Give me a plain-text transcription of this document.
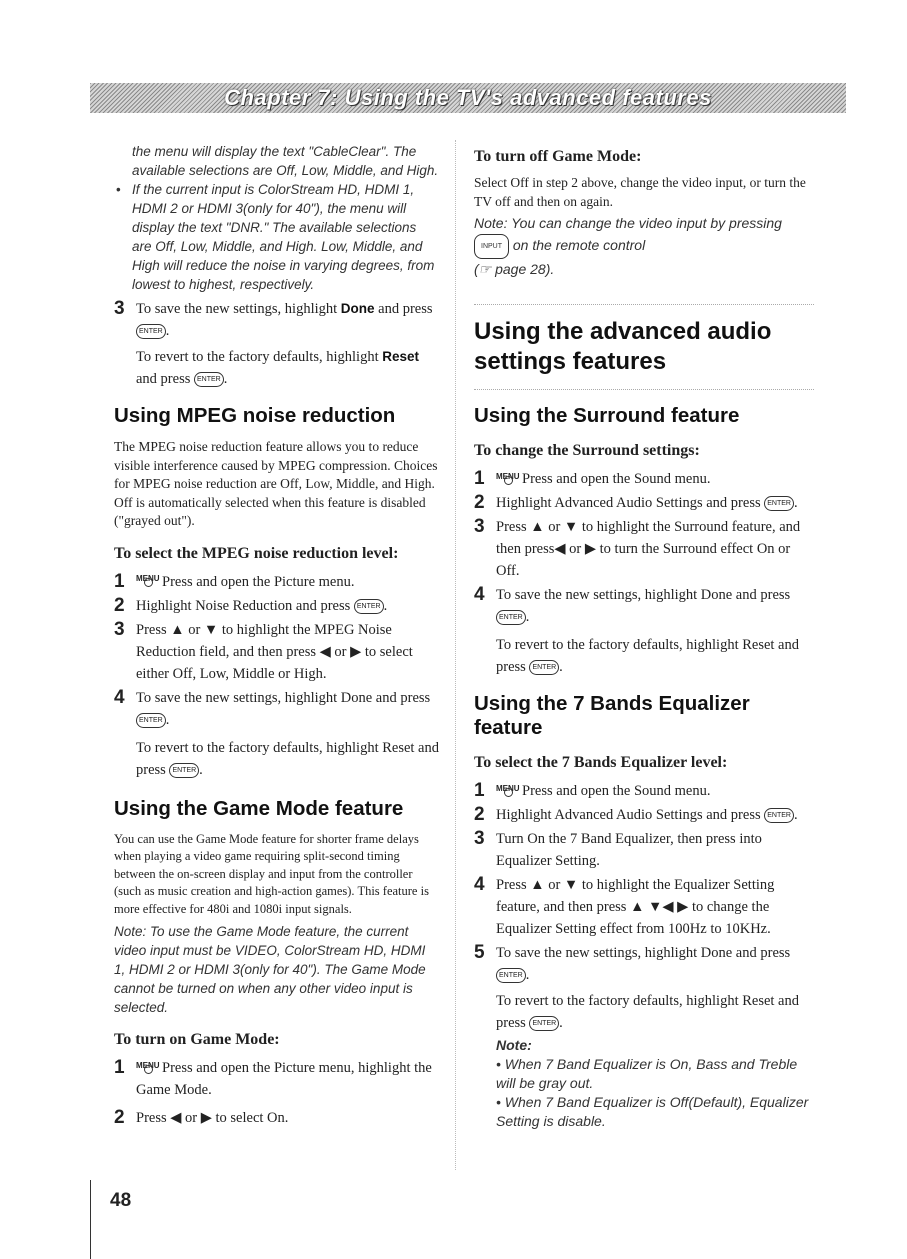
Chapter 7: Using the TV's advanced features

the menu will display the text "CableClear". The available selections are Off, Low, Middle, and High.

• If the current input is ColorStream HD, HDMI 1, HDMI 2 or HDMI 3(only for 40"), the menu will display the text "DNR." The available selections are Off, Low, Middle, and High. Low, Middle, and High will reduce the noise in varying degrees, from lowest to highest, respectively.

3 To save the new settings, highlight Done and press ENTER .

To revert to the factory defaults, highlight Reset and press ENTER .

Using MPEG noise reduction

The MPEG noise reduction feature allows you to reduce visible interference caused by MPEG compression. Choices for MPEG noise reduction are Off, Low, Middle, and High. Off is automatically selected when this feature is disabled ("grayed out").

To select the MPEG noise reduction level:
1 MENU Press and open the Picture menu.
2 Highlight Noise Reduction and press ENTER .
3 Press ▲ or ▼ to highlight the MPEG Noise Reduction field, and then press ◀ or ▶ to select either Off, Low, Middle or High.
4 To save the new settings, highlight Done and press ENTER .

To revert to the factory defaults, highlight Reset and press ENTER .

Using the Game Mode feature

You can use the Game Mode feature for shorter frame delays when playing a video game requiring split-second timing between the on-screen display and input from the controller (such as music creation and high-action games). This feature is more effective for 480i and 1080i input signals.

Note: To use the Game Mode feature, the current video input must be VIDEO, ColorStream HD, HDMI 1, HDMI 2 or HDMI 3(only for 40"). The Game Mode cannot be turned on when any other video input is selected.

To turn on Game Mode:
1 MENU Press and open the Picture menu, highlight the Game Mode.
2 Press ◀ or ▶ to select On.
To turn off Game Mode:

Select Off in step 2 above, change the video input, or turn the TV off and then on again.

Note: You can change the video input by pressing INPUT on the remote control
(☞ page 28).

Using the advanced audio
settings features
Using the Surround feature
To change the Surround settings:
1 MENU Press and open the Sound menu.
2 Highlight Advanced Audio Settings and press ENTER .
3 Press ▲ or ▼ to highlight the Surround feature, and then press◀ or ▶ to turn the Surround effect On or Off.
4 To save the new settings, highlight Done and press ENTER .

To revert to the factory defaults, highlight Reset and press ENTER .

Using the 7 Bands Equalizer feature
To select the 7 Bands Equalizer level:
1 MENU Press and open the Sound menu.
2 Highlight Advanced Audio Settings and press ENTER .
3 Turn On the 7 Band Equalizer, then press into Equalizer Setting.
4 Press ▲ or ▼ to highlight the Equalizer Setting feature, and then press ▲ ▼◀ ▶ to change the Equalizer Setting effect from 100Hz to 10KHz.
5 To save the new settings, highlight Done and press ENTER .

To revert to the factory defaults, highlight Reset and press ENTER .

Note:

• When 7 Band Equalizer is On, Bass and Treble will be gray out.

• When 7 Band Equalizer is Off(Default), Equalizer Setting is disable.

48
